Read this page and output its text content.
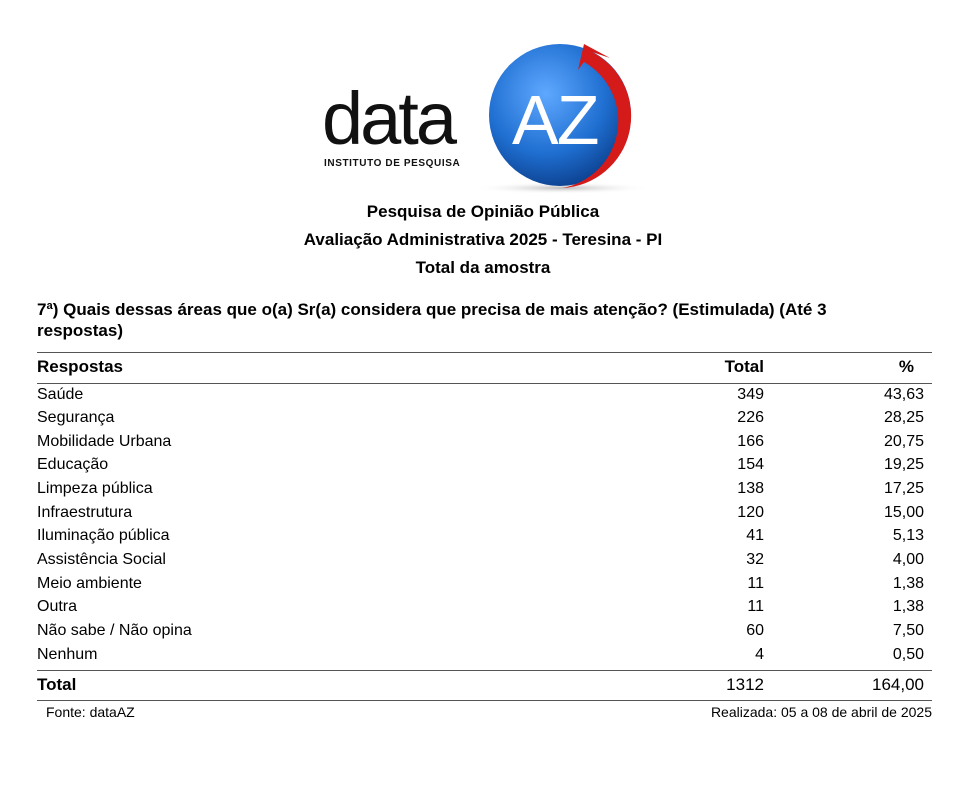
data AZ
INSTITUTO DE PESQUISA
Pesquisa de Opinião Pública
Avaliação Administrativa 2025 - Teresina - PI
Total da amostra
7ª) Quais dessas áreas que o(a) Sr(a) considera que precisa de mais atenção? (Estimulada) (Até 3 respostas)
Respostas	Total	%
Saúde	349	43,63
Segurança	226	28,25
Mobilidade Urbana	166	20,75
Educação	154	19,25
Limpeza pública	138	17,25
Infraestrutura	120	15,00
Iluminação pública	41	5,13
Assistência Social	32	4,00
Meio ambiente	11	1,38
Outra	11	1,38
Não sabe / Não opina	60	7,50
Nenhum	4	0,50
Total	1312	164,00
Fonte: dataAZ	Realizada: 05 a 08 de abril de 2025
